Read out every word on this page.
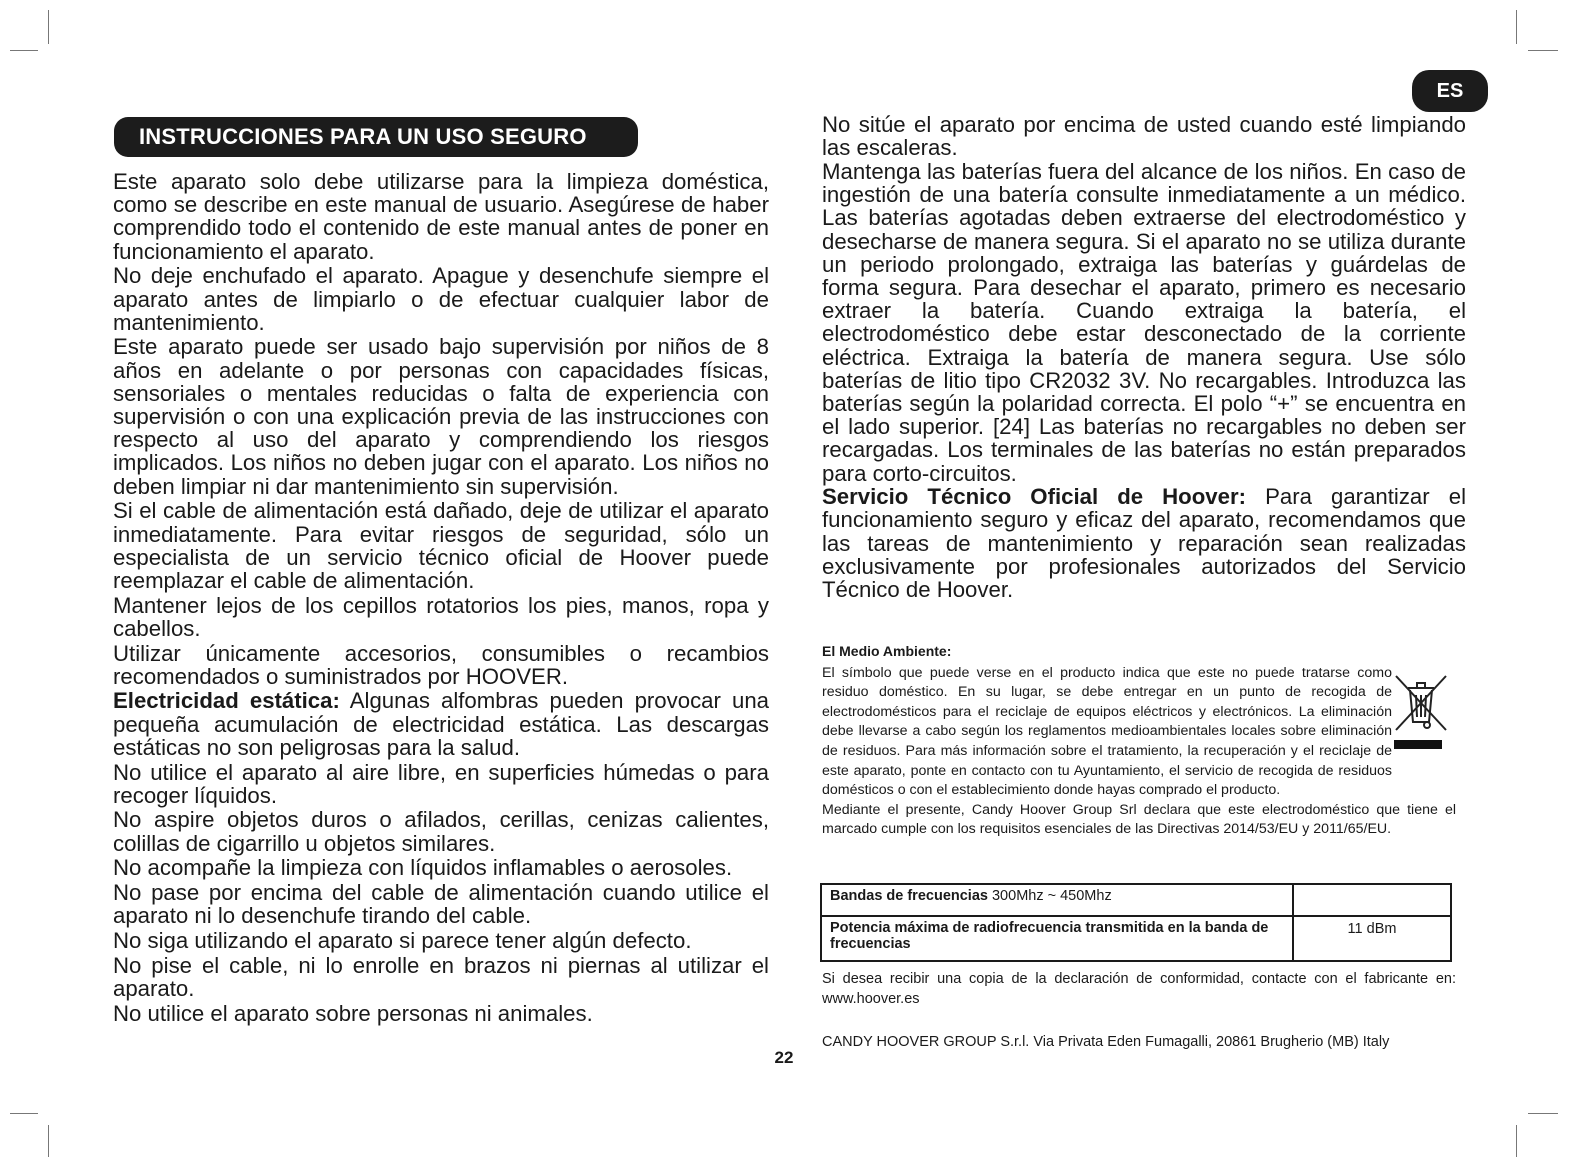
ES
INSTRUCCIONES PARA UN USO SEGURO

Este aparato solo debe utilizarse para la limpieza doméstica, como se describe en este manual de usuario. Asegúrese de haber comprendido todo el contenido de este manual antes de poner en funcionamiento el aparato.

No deje enchufado el aparato. Apague y desenchufe siempre el aparato antes de limpiarlo o de efectuar cualquier labor de mantenimiento.

Este aparato puede ser usado bajo supervisión por niños de 8 años en adelante o por personas con capacidades físicas, sensoriales o mentales reducidas o falta de experiencia con supervisión o con una explicación previa de las instrucciones con respecto al uso del aparato y comprendiendo los riesgos implicados. Los niños no deben jugar con el aparato. Los niños no deben limpiar ni dar mantenimiento sin supervisión.

Si el cable de alimentación está dañado, deje de utilizar el aparato inmediatamente. Para evitar riesgos de seguridad, sólo un especialista de un servicio técnico oficial de Hoover puede reemplazar el cable de alimentación.

Mantener lejos de los cepillos rotatorios los pies, manos, ropa y cabellos.

Utilizar únicamente accesorios, consumibles o recambios recomendados o suministrados por HOOVER.

Electricidad estática: Algunas alfombras pueden provocar una pequeña acumulación de electricidad estática. Las descargas estáticas no son peligrosas para la salud.

No utilice el aparato al aire libre, en superficies húmedas o para recoger líquidos.

No aspire objetos duros o afilados, cerillas, cenizas calientes, colillas de cigarrillo u objetos similares.

No acompañe la limpieza con líquidos inflamables o aerosoles.

No pase por encima del cable de alimentación cuando utilice el aparato ni lo desenchufe tirando del cable.

No siga utilizando el aparato si parece tener algún defecto.

No pise el cable, ni lo enrolle en brazos ni piernas al utilizar el aparato.

No utilice el aparato sobre personas ni animales.

No sitúe el aparato por encima de usted cuando esté limpiando las escaleras.

Mantenga las baterías fuera del alcance de los niños. En caso de ingestión de una batería consulte inmediatamente a un médico. Las baterías agotadas deben extraerse del electrodoméstico y desecharse de manera segura. Si el aparato no se utiliza durante un periodo prolongado, extraiga las baterías y guárdelas de forma segura. Para desechar el aparato, primero es necesario extraer la batería. Cuando extraiga la batería, el electrodoméstico debe estar desconectado de la corriente eléctrica. Extraiga la batería de manera segura. Use sólo baterías de litio tipo CR2032 3V. No recargables. Introduzca las baterías según la polaridad correcta. El polo “+” se encuentra en el lado superior. [24] Las baterías no recargables no deben ser recargadas. Los terminales de las baterías no están preparados para corto-circuitos.

Servicio Técnico Oficial de Hoover: Para garantizar el funcionamiento seguro y eficaz del aparato, recomendamos que las tareas de mantenimiento y reparación sean realizadas exclusivamente por profesionales autorizados del Servicio Técnico de Hoover.

El Medio Ambiente:

El símbolo que puede verse en el producto indica que este no puede tratarse como residuo doméstico. En su lugar, se debe entregar en un punto de recogida de electrodomésticos para el reciclaje de equipos eléctricos y electrónicos. La eliminación debe llevarse a cabo según los reglamentos medioambientales locales sobre eliminación de residuos. Para más información sobre el tratamiento, la recuperación y el reciclaje de este aparato, ponte en contacto con tu Ayuntamiento, el servicio de recogida de residuos domésticos o con el establecimiento donde hayas comprado el producto.

Mediante el presente, Candy Hoover Group Srl declara que este electrodoméstico que tiene el marcado cumple con los requisitos esenciales de las Directivas 2014/53/EU y 2011/65/EU.

Bandas de frecuencias 300Mhz ~ 450Mhz	
Potencia máxima de radiofrecuencia transmitida en la banda de frecuencias	11 dBm
Si desea recibir una copia de la declaración de conformidad, contacte con el fabricante en: www.hoover.es
CANDY HOOVER GROUP S.r.l. Via Privata Eden Fumagalli, 20861 Brugherio (MB) Italy
22
